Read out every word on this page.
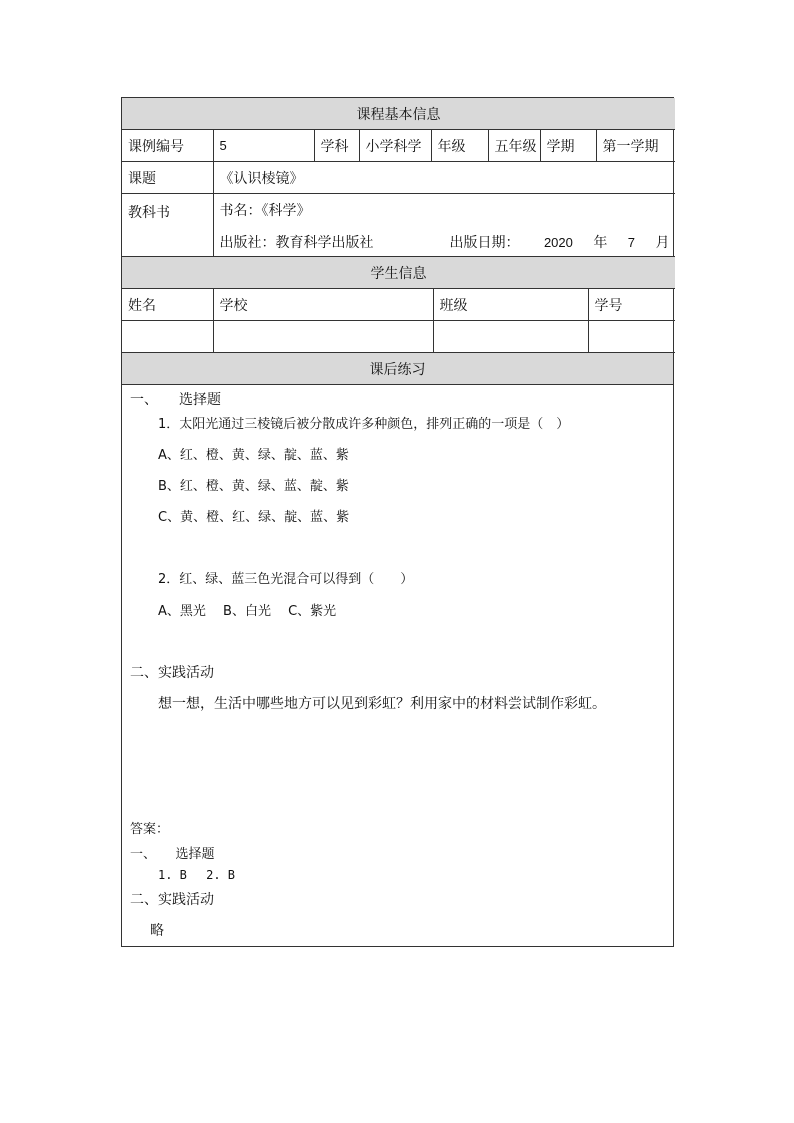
课程基本信息							
课例编号	5	学科	小学科学	年级	五年级	学期	第一学期
课题	《认识棱镜》						
教科书	书名：《科学》
出版社：教育科学出版社 出版日期： 2020 年 7 月						
学生信息			
姓名	学校	班级	学号

课后练习
一、　　选择题
1．太阳光通过三棱镜后被分散成许多种颜色，排列正确的一项是（　）
A、红、橙、黄、绿、靛、蓝、紫
B、红、橙、黄、绿、蓝、靛、紫
C、黄、橙、红、绿、靛、蓝、紫
2．红、绿、蓝三色光混合可以得到（　　）
A、黑光　 B、白光　 C、紫光
二、实践活动
想一想，生活中哪些地方可以见到彩虹？利用家中的材料尝试制作彩虹。
答案：
一、　　选择题
1. B　 2. B
二、实践活动
略
